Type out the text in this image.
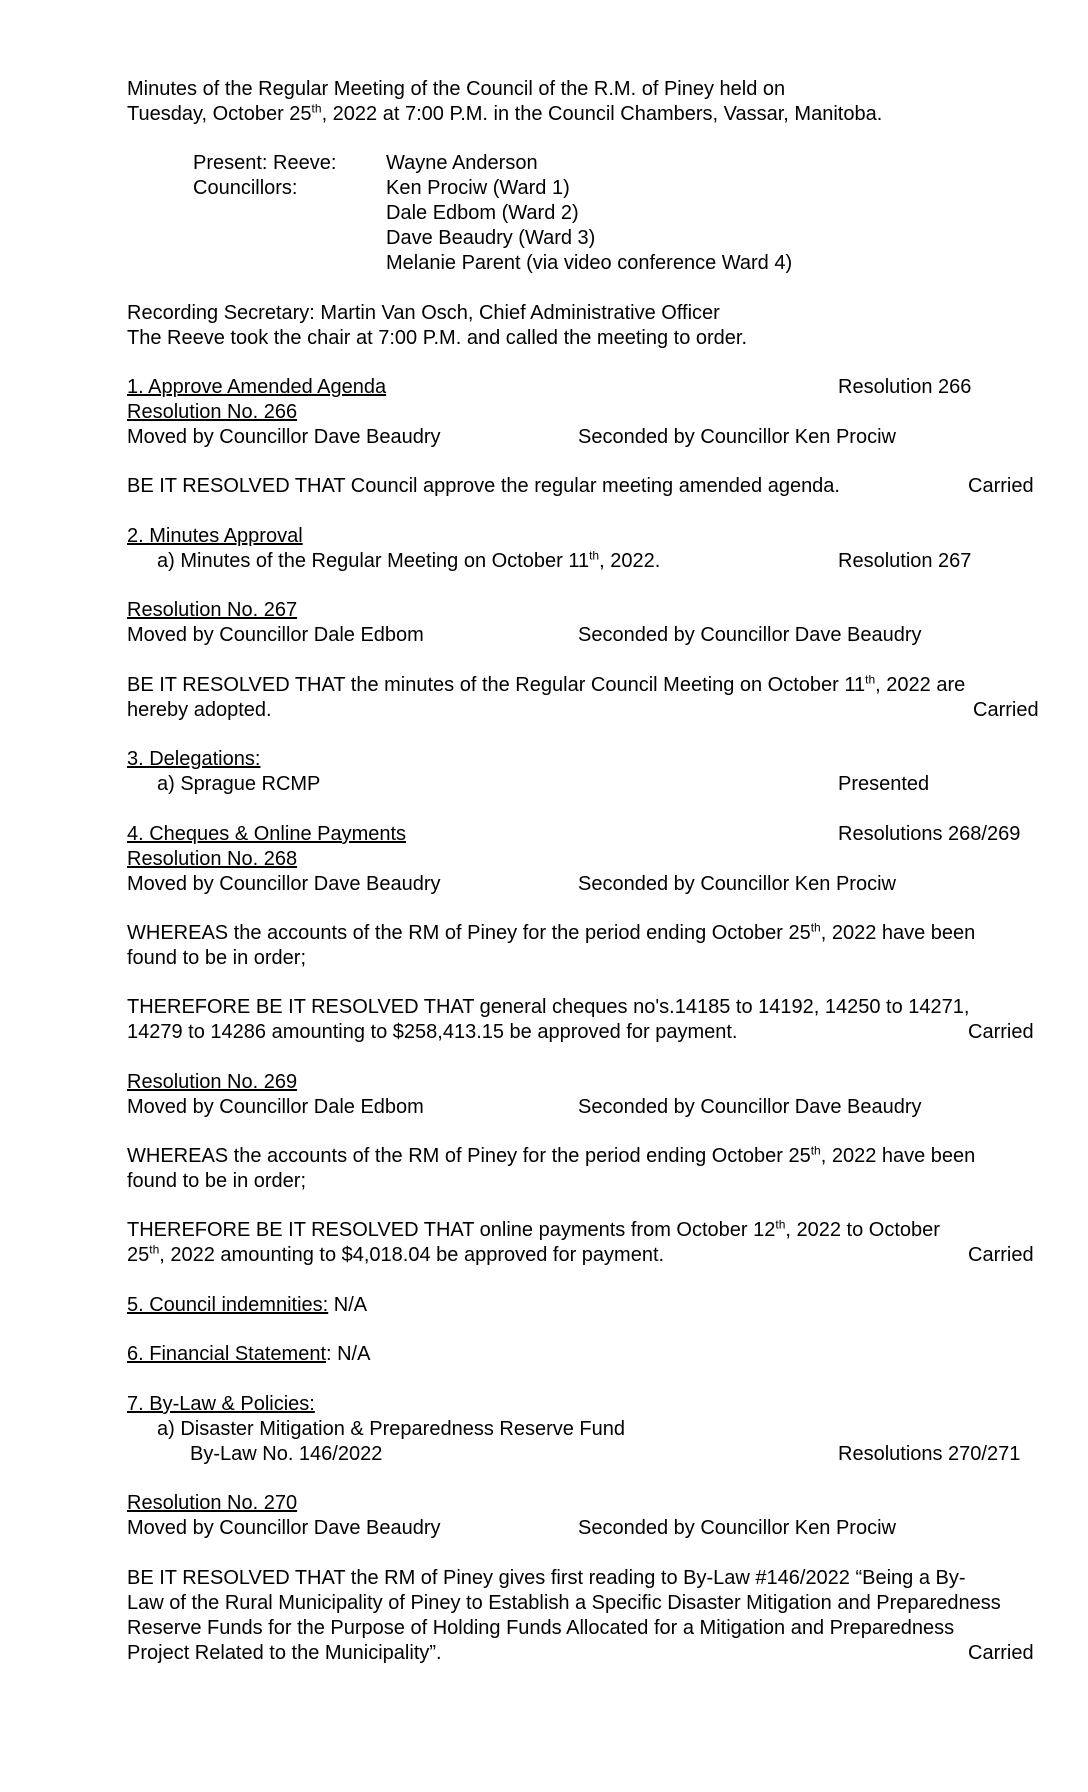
Minutes of the Regular Meeting of the Council of the R.M. of Piney held on
Tuesday, October 25th, 2022 at 7:00 P.M. in the Council Chambers, Vassar, Manitoba.
Present: Reeve: Wayne Anderson
Councillors:	Ken Prociw (Ward 1)
Dale Edbom (Ward 2)
Dave Beaudry (Ward 3)
Melanie Parent (via video conference Ward 4)
Recording Secretary: Martin Van Osch, Chief Administrative Officer
The Reeve took the chair at 7:00 P.M. and called the meeting to order.
1. Approve Amended Agenda	Resolution 266
Resolution No. 266
Moved by Councillor Dave Beaudry	Seconded by Councillor Ken Prociw
BE IT RESOLVED THAT Council approve the regular meeting amended agenda.	Carried
2. Minutes Approval
a) Minutes of the Regular Meeting on October 11th, 2022.	Resolution 267
Resolution No. 267
Moved by Councillor Dale Edbom	Seconded by Councillor Dave Beaudry
BE IT RESOLVED THAT the minutes of the Regular Council Meeting on October 11th, 2022 are
hereby adopted.	Carried
3. Delegations:
a) Sprague RCMP	Presented
4. Cheques & Online Payments	Resolutions 268/269
Resolution No. 268
Moved by Councillor Dave Beaudry	Seconded by Councillor Ken Prociw
WHEREAS the accounts of the RM of Piney for the period ending October 25th, 2022 have been
found to be in order;
THEREFORE BE IT RESOLVED THAT general cheques no's.14185 to 14192, 14250 to 14271,
14279 to 14286 amounting to $258,413.15 be approved for payment.	Carried
Resolution No. 269
Moved by Councillor Dale Edbom	Seconded by Councillor Dave Beaudry
WHEREAS the accounts of the RM of Piney for the period ending October 25th, 2022 have been
found to be in order;
THEREFORE BE IT RESOLVED THAT online payments from October 12th, 2022 to October
25th, 2022 amounting to $4,018.04 be approved for payment.	Carried
5. Council indemnities: N/A
6. Financial Statement: N/A
7. By-Law & Policies:
a) Disaster Mitigation & Preparedness Reserve Fund
By-Law No. 146/2022	Resolutions 270/271
Resolution No. 270
Moved by Councillor Dave Beaudry	Seconded by Councillor Ken Prociw
BE IT RESOLVED THAT the RM of Piney gives first reading to By-Law #146/2022 “Being a By-
Law of the Rural Municipality of Piney to Establish a Specific Disaster Mitigation and Preparedness
Reserve Funds for the Purpose of Holding Funds Allocated for a Mitigation and Preparedness
Project Related to the Municipality”.	Carried
